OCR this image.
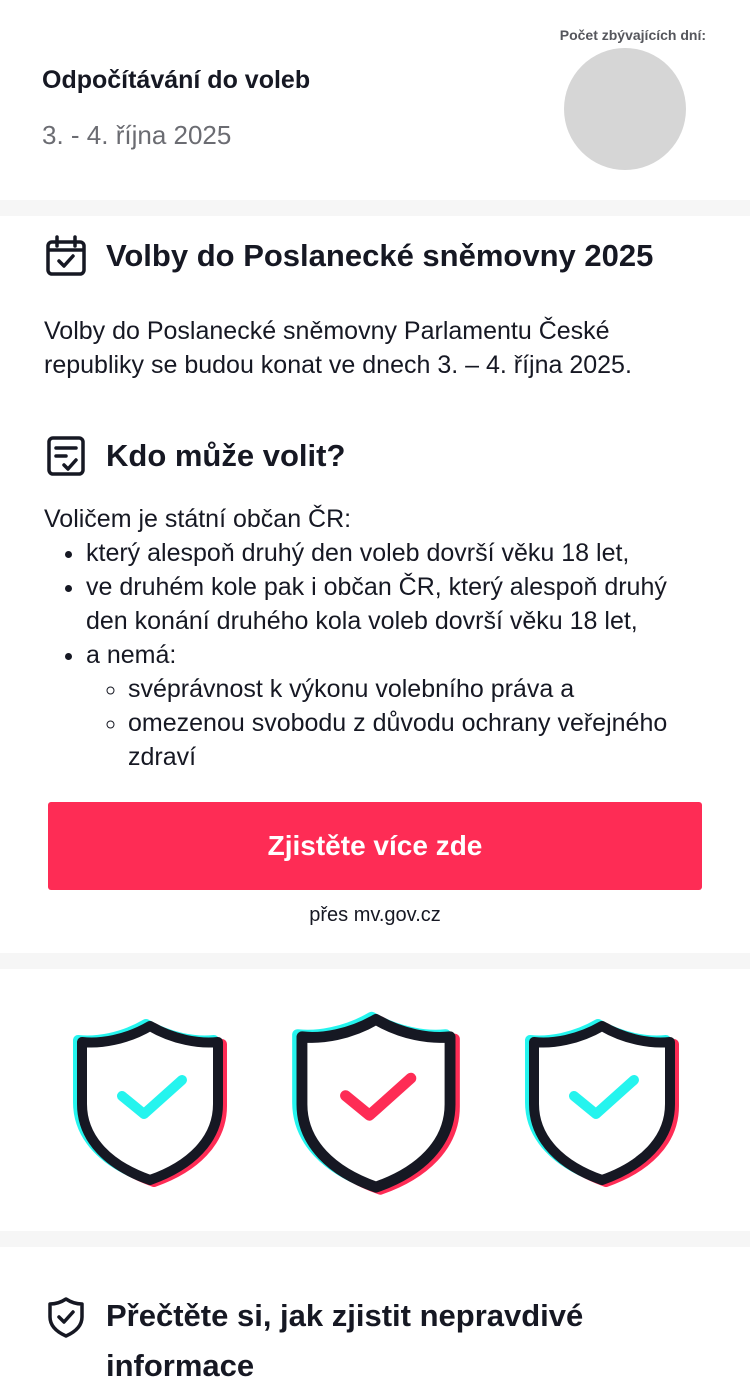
Odpočítávání do voleb
3. - 4. října 2025
Počet zbývajících dní:
Volby do Poslanecké sněmovny 2025

Volby do Poslanecké sněmovny Parlamentu České republiky se budou konat ve dnech 3. – 4. října 2025.

Kdo může volit?

Voličem je státní občan ČR:

• který alespoň druhý den voleb dovrší věku 18 let,
• ve druhém kole pak i občan ČR, který alespoň druhý den konání druhého kola voleb dovrší věku 18 let,
• a nemá:
◦ svéprávnost k výkonu volebního práva a
◦ omezenou svobodu z důvodu ochrany veřejného zdraví
Zjistěte více zde
přes mv.gov.cz
Přečtěte si, jak zjistit nepravdivé informace
